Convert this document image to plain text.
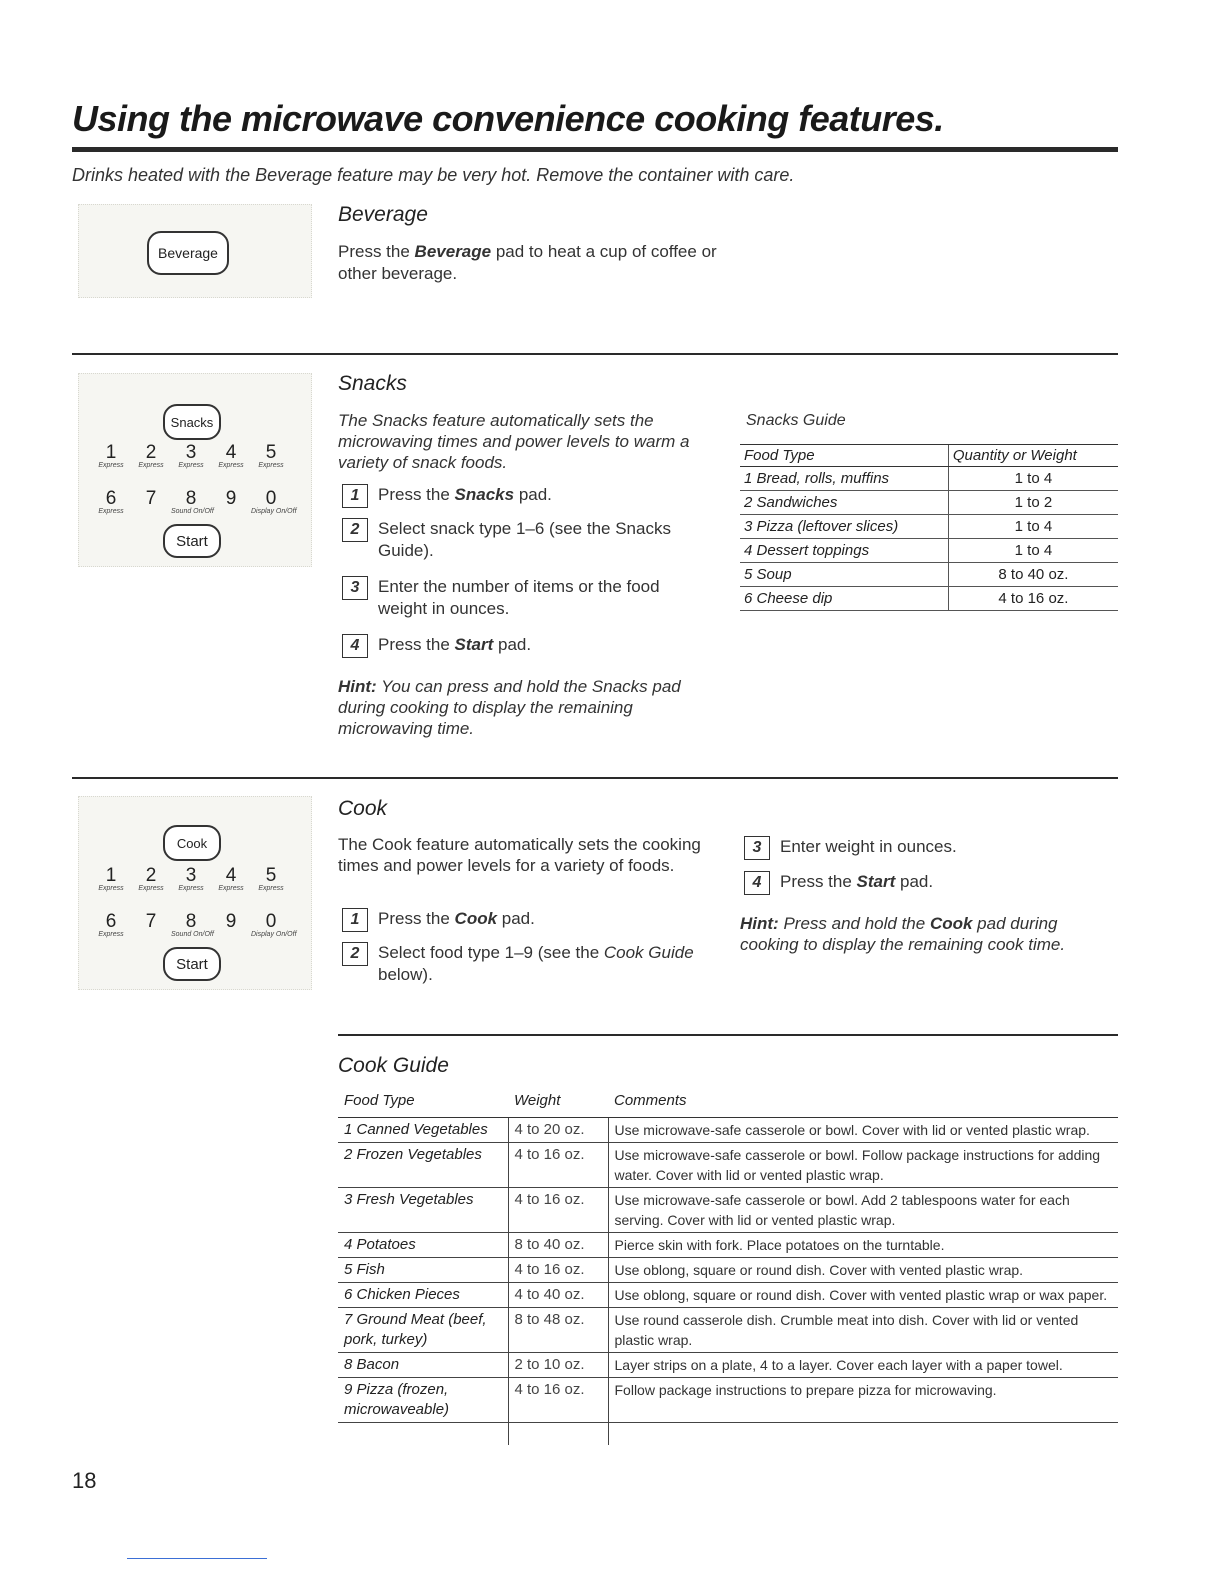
Using the microwave convenience cooking features.
Drinks heated with the Beverage feature may be very hot. Remove the container with care.
Beverage
Beverage
Press the Beverage pad to heat a cup of coffee or other beverage.
Snacks
1
Express
2
Express
3
Express
4
Express
5
Express
6
Express
7	8
Sound On/Off
9	0
Display On/Off
Start
Snacks
The Snacks feature automatically sets the microwaving times and power levels to warm a variety of snack foods.
1	Press the Snacks pad.
2	Select snack type 1–6 (see the Snacks Guide).
3	Enter the number of items or the food weight in ounces.
4	Press the Start pad.
Hint: You can press and hold the Snacks pad during cooking to display the remaining microwaving time.
Snacks Guide
Food Type	Quantity or Weight
1 Bread, rolls, muffins	1 to 4
2 Sandwiches	1 to 2
3 Pizza (leftover slices)	1 to 4
4 Dessert toppings	1 to 4
5 Soup	8 to 40 oz.
6 Cheese dip	4 to 16 oz.
Cook
1
Express
2
Express
3
Express
4
Express
5
Express
6
Express
7	8
Sound On/Off
9	0
Display On/Off
Start
Cook
The Cook feature automatically sets the cooking times and power levels for a variety of foods.
1	Press the Cook pad.
2	Select food type 1–9 (see the Cook Guide below).
3	Enter weight in ounces.
4	Press the Start pad.
Hint: Press and hold the Cook pad during cooking to display the remaining cook time.
Cook Guide
Food Type	Weight	Comments
1 Canned Vegetables	4 to 20 oz.	Use microwave-safe casserole or bowl. Cover with lid or vented plastic wrap.
2 Frozen Vegetables	4 to 16 oz.	Use microwave-safe casserole or bowl. Follow package instructions for adding water. Cover with lid or vented plastic wrap.
3 Fresh Vegetables	4 to 16 oz.	Use microwave-safe casserole or bowl. Add 2 tablespoons water for each serving. Cover with lid or vented plastic wrap.
4 Potatoes	8 to 40 oz.	Pierce skin with fork. Place potatoes on the turntable.
5 Fish	4 to 16 oz.	Use oblong, square or round dish. Cover with vented plastic wrap.
6 Chicken Pieces	4 to 40 oz.	Use oblong, square or round dish. Cover with vented plastic wrap or wax paper.
7 Ground Meat (beef, pork, turkey)	8 to 48 oz.	Use round casserole dish. Crumble meat into dish. Cover with lid or vented plastic wrap.
8 Bacon	2 to 10 oz.	Layer strips on a plate, 4 to a layer. Cover each layer with a paper towel.
9 Pizza (frozen, microwaveable)	4 to 16 oz.	Follow package instructions to prepare pizza for microwaving.

18
